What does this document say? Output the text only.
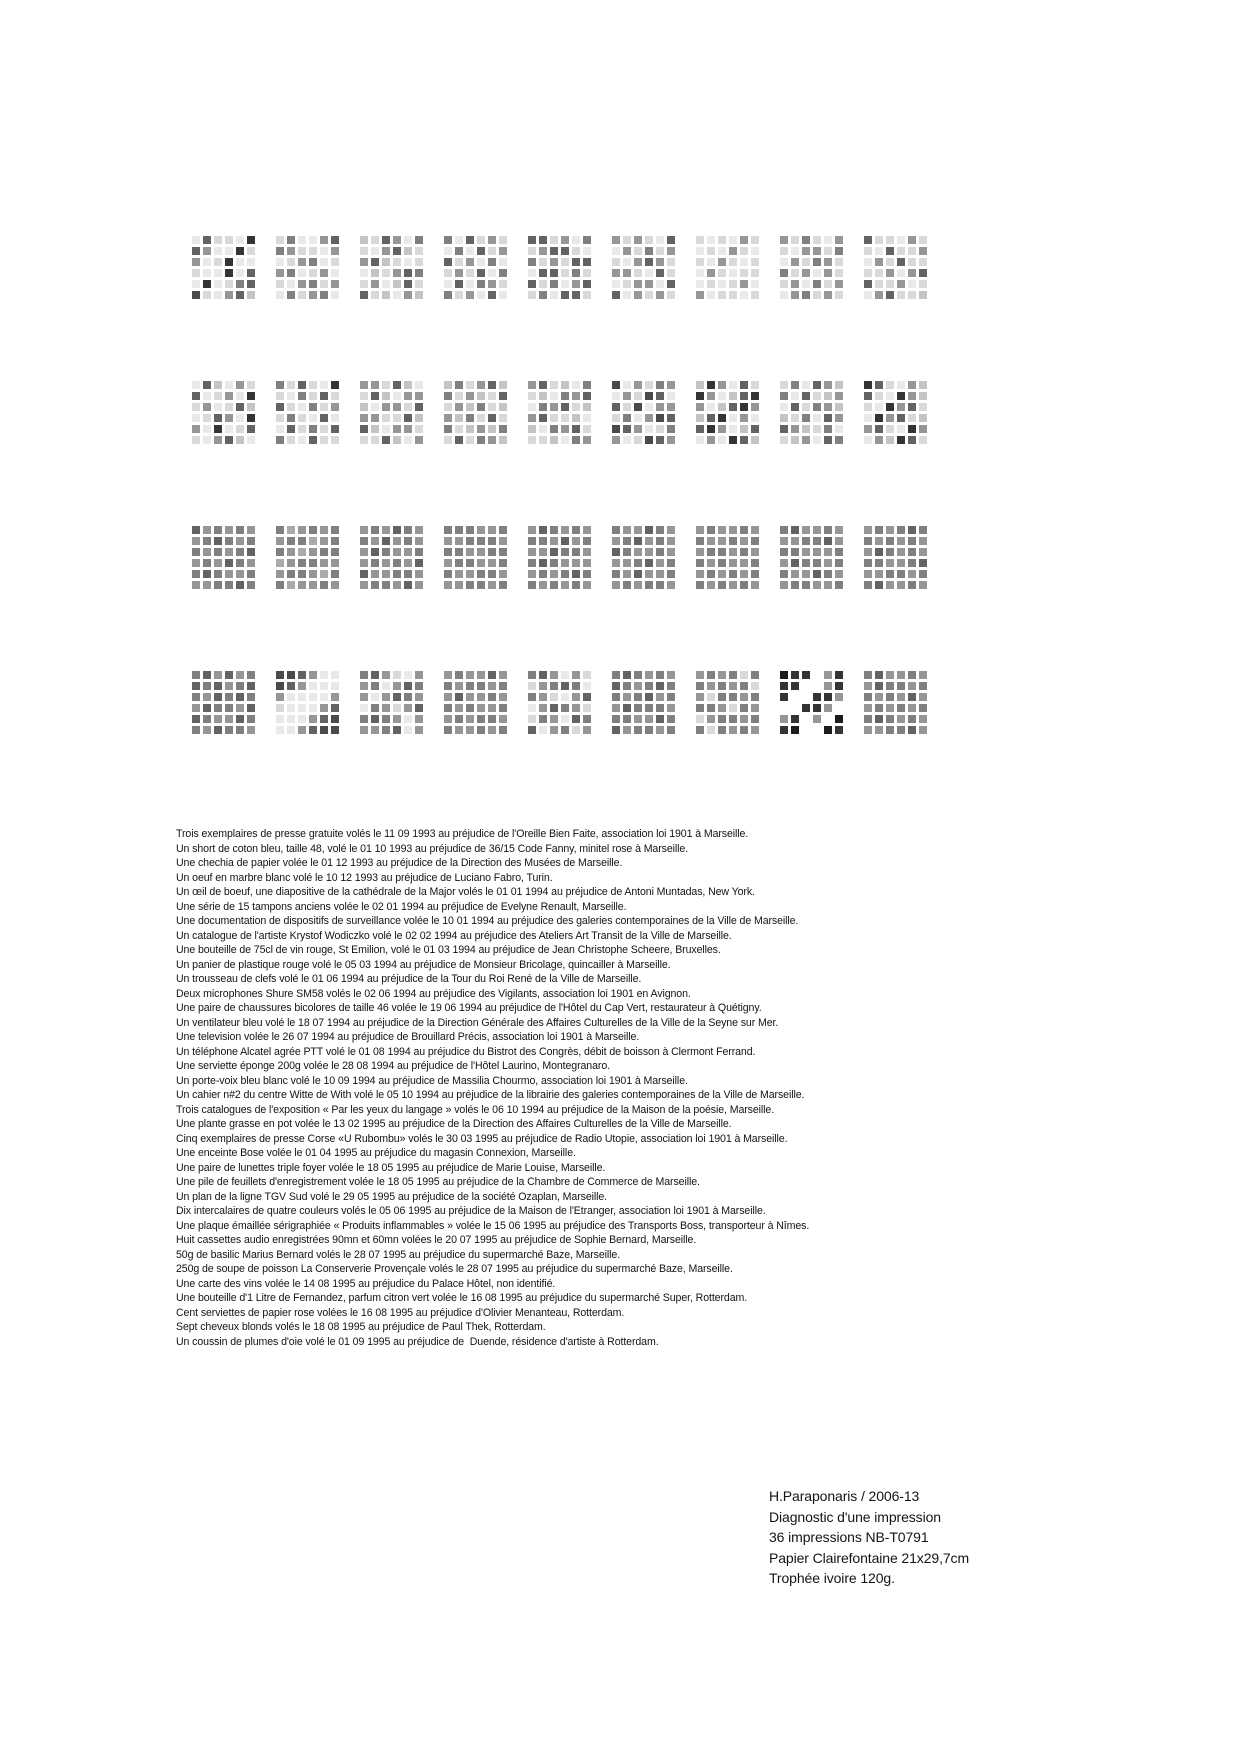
Trois exemplaires de presse gratuite volés le 11 09 1993 au préjudice de l'Oreille Bien Faite, association loi 1901 à Marseille.
Un short de coton bleu, taille 48, volé le 01 10 1993 au préjudice de 36/15 Code Fanny, minitel rose à Marseille.
Une chechia de papier volée le 01 12 1993 au préjudice de la Direction des Musées de Marseille.
Un oeuf en marbre blanc volé le 10 12 1993 au préjudice de Luciano Fabro, Turin.
Un œil de boeuf, une diapositive de la cathédrale de la Major volés le 01 01 1994 au préjudice de Antoni Muntadas, New York.
Une série de 15 tampons anciens volée le 02 01 1994 au préjudice de Evelyne Renault, Marseille.
Une documentation de dispositifs de surveillance volée le 10 01 1994 au préjudice des galeries contemporaines de la Ville de Marseille.
Un catalogue de l'artiste Krystof Wodiczko volé le 02 02 1994 au préjudice des Ateliers Art Transit de la Ville de Marseille.
Une bouteille de 75cl de vin rouge, St Emilion, volé le 01 03 1994 au préjudice de Jean Christophe Scheere, Bruxelles.
Un panier de plastique rouge volé le 05 03 1994 au préjudice de Monsieur Bricolage, quincailler à Marseille.
Un trousseau de clefs volé le 01 06 1994 au préjudice de la Tour du Roi René de la Ville de Marseille.
Deux microphones Shure SM58 volés le 02 06 1994 au préjudice des Vigilants, association loi 1901 en Avignon.
Une paire de chaussures bicolores de taille 46 volée le 19 06 1994 au préjudice de l'Hôtel du Cap Vert, restaurateur à Quétigny.
Un ventilateur bleu volé le 18 07 1994 au préjudice de la Direction Générale des Affaires Culturelles de la Ville de la Seyne sur Mer.
Une television volée le 26 07 1994 au préjudice de Brouillard Précis, association loi 1901 à Marseille.
Un téléphone Alcatel agrée PTT volé le 01 08 1994 au préjudice du Bistrot des Congrès, débit de boisson à Clermont Ferrand.
Une serviette éponge 200g volée le 28 08 1994 au préjudice de l'Hôtel Laurino, Montegranaro.
Un porte-voix bleu blanc volé le 10 09 1994 au préjudice de Massilia Chourmo, association loi 1901 à Marseille.
Un cahier n#2 du centre Witte de With volé le 05 10 1994 au préjudice de la librairie des galeries contemporaines de la Ville de Marseille.
Trois catalogues de l'exposition « Par les yeux du langage » volés le 06 10 1994 au préjudice de la Maison de la poésie, Marseille.
Une plante grasse en pot volée le 13 02 1995 au préjudice de la Direction des Affaires Culturelles de la Ville de Marseille.
Cinq exemplaires de presse Corse «U Rubombu» volés le 30 03 1995 au préjudice de Radio Utopie, association loi 1901 à Marseille.
Une enceinte Bose volée le 01 04 1995 au préjudice du magasin Connexion, Marseille.
Une paire de lunettes triple foyer volée le 18 05 1995 au préjudice de Marie Louise, Marseille.
Une pile de feuillets d'enregistrement volée le 18 05 1995 au préjudice de la Chambre de Commerce de Marseille.
Un plan de la ligne TGV Sud volé le 29 05 1995 au préjudice de la société Ozaplan, Marseille.
Dix intercalaires de quatre couleurs volés le 05 06 1995 au préjudice de la Maison de l'Etranger, association loi 1901 à Marseille.
Une plaque émaillée sérigraphiée « Produits inflammables » volée le 15 06 1995 au préjudice des Transports Boss, transporteur à Nîmes.
Huit cassettes audio enregistrées 90mn et 60mn volées le 20 07 1995 au préjudice de Sophie Bernard, Marseille.
50g de basilic Marius Bernard volés le 28 07 1995 au préjudice du supermarché Baze, Marseille.
250g de soupe de poisson La Conserverie Provençale volés le 28 07 1995 au préjudice du supermarché Baze, Marseille.
Une carte des vins volée le 14 08 1995 au préjudice du Palace Hôtel, non identifié.
Une bouteille d'1 Litre de Fernandez, parfum citron vert volée le 16 08 1995 au préjudice du supermarché Super, Rotterdam.
Cent serviettes de papier rose volées le 16 08 1995 au préjudice d'Olivier Menanteau, Rotterdam.
Sept cheveux blonds volés le 18 08 1995 au préjudice de Paul Thek, Rotterdam.
Un coussin de plumes d'oie volé le 01 09 1995 au préjudice de  Duende, résidence d'artiste à Rotterdam.
H.Paraponaris / 2006-13
Diagnostic d'une impression
36 impressions NB-T0791
Papier Clairefontaine 21x29,7cm
Trophée ivoire 120g.
